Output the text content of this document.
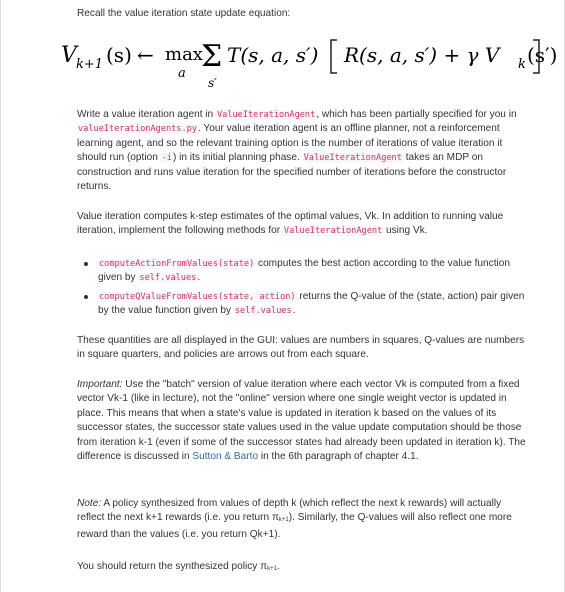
Recall the value iteration state update equation:

V k+1 (s) ← max
a Σ
s′
T(s, a, s′) R(s, a, s′) + γ V k (s′)

Write a value iteration agent in ValueIterationAgent, which has been partially specified for you in valueIterationAgents.py. Your value iteration agent is an offline planner, not a reinforcement learning agent, and so the relevant training option is the number of iterations of value iteration it should run (option -i) in its initial planning phase. ValueIterationAgent takes an MDP on construction and runs value iteration for the specified number of iterations before the constructor returns.

Value iteration computes k-step estimates of the optimal values, Vk. In addition to running value iteration, implement the following methods for ValueIterationAgent using Vk.

computeActionFromValues(state) computes the best action according to the value function given by self.values.
computeQValueFromValues(state, action) returns the Q-value of the (state, action) pair given by the value function given by self.values.

These quantities are all displayed in the GUI: values are numbers in squares, Q-values are numbers in square quarters, and policies are arrows out from each square.

Important: Use the "batch" version of value iteration where each vector Vk is computed from a fixed vector Vk-1 (like in lecture), not the "online" version where one single weight vector is updated in place. This means that when a state's value is updated in iteration k based on the values of its successor states, the successor state values used in the value update computation should be those from iteration k-1 (even if some of the successor states had already been updated in iteration k). The difference is discussed in Sutton & Barto in the 6th paragraph of chapter 4.1.

Note: A policy synthesized from values of depth k (which reflect the next k rewards) will actually reflect the next k+1 rewards (i.e. you return $\pi_{k+1}$). Similarly, the Q-values will also reflect one more reward than the values (i.e. you return Qk+1).

You should return the synthesized policy $\pi_{k+1}$.
